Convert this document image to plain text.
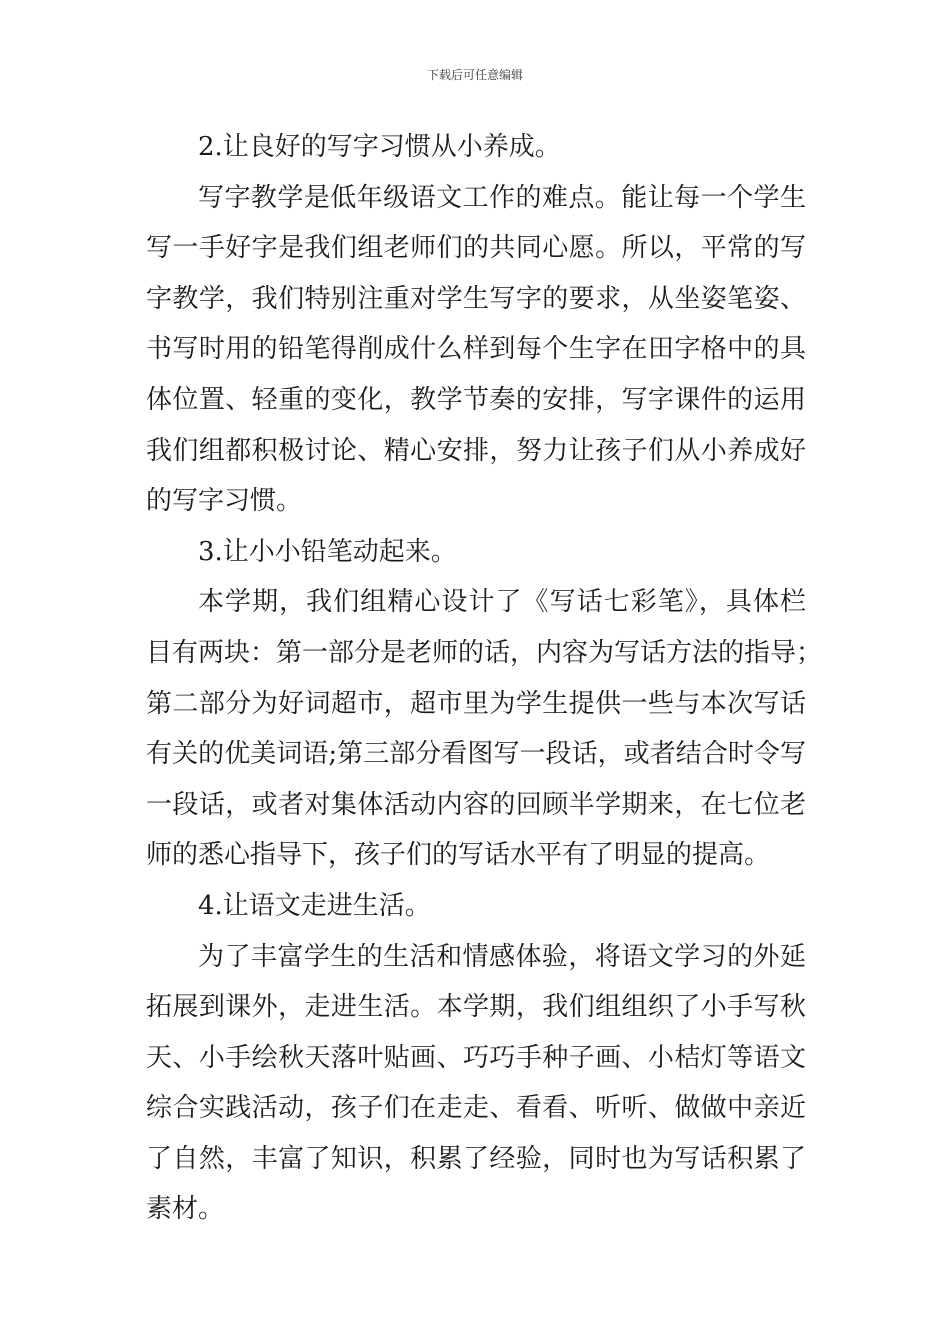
下载后可任意编辑
2.让良好的写字习惯从小养成。
写字教学是低年级语文工作的难点。能让每一个学生
写一手好字是我们组老师们的共同心愿。所以，平常的写
字教学，我们特别注重对学生写字的要求，从坐姿笔姿、
书写时用的铅笔得削成什么样到每个生字在田字格中的具
体位置、轻重的变化，教学节奏的安排，写字课件的运用
我们组都积极讨论、精心安排，努力让孩子们从小养成好
的写字习惯。
3.让小小铅笔动起来。
本学期，我们组精心设计了《写话七彩笔》，具体栏
目有两块：第一部分是老师的话，内容为写话方法的指导；
第二部分为好词超市，超市里为学生提供一些与本次写话
有关的优美词语;第三部分看图写一段话，或者结合时令写
一段话，或者对集体活动内容的回顾半学期来，在七位老
师的悉心指导下，孩子们的写话水平有了明显的提高。
4.让语文走进生活。
为了丰富学生的生活和情感体验，将语文学习的外延
拓展到课外，走进生活。本学期，我们组组织了小手写秋
天、小手绘秋天落叶贴画、巧巧手种子画、小桔灯等语文
综合实践活动，孩子们在走走、看看、听听、做做中亲近
了自然，丰富了知识，积累了经验，同时也为写话积累了
素材。
